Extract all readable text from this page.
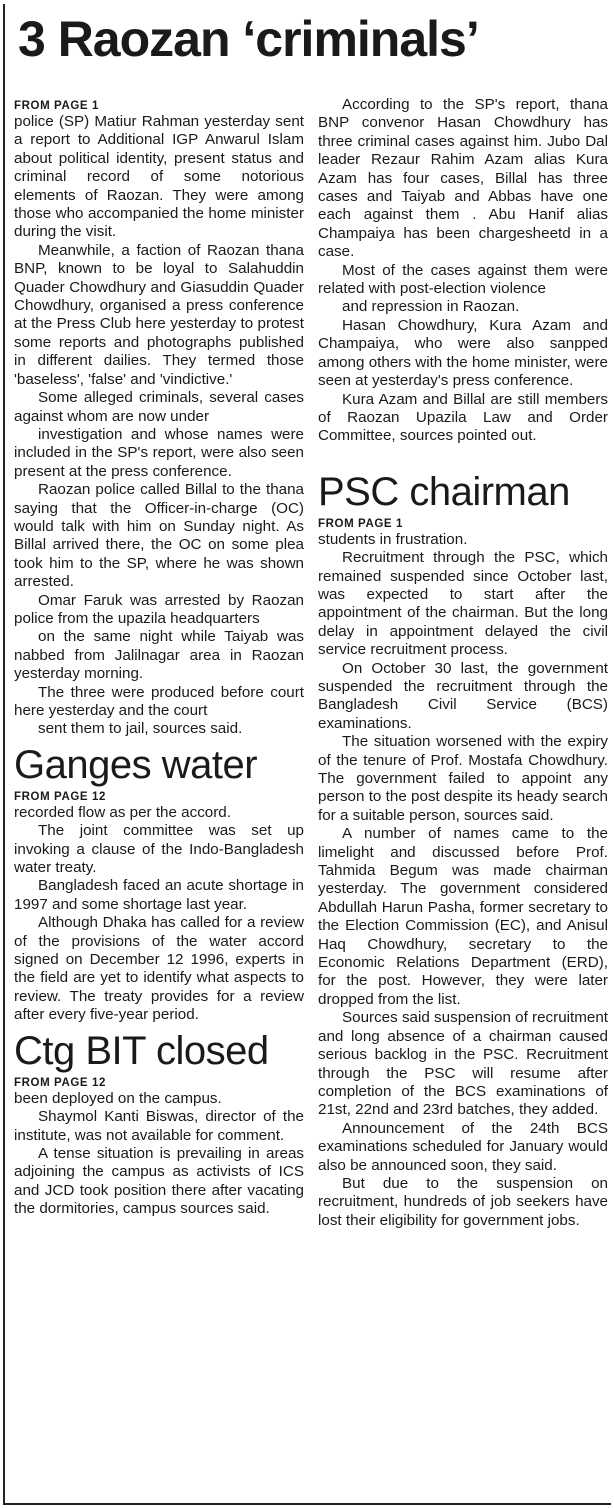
3 Raozan ‘criminals’
FROM PAGE 1

police (SP) Matiur Rahman yesterday sent a report to Additional IGP Anwarul Islam about political identity, present status and criminal record of some notorious elements of Raozan. They were among those who accompanied the home minister during the visit.

Meanwhile, a faction of Raozan thana BNP, known to be loyal to Salahuddin Quader Chowdhury and Giasuddin Quader Chowdhury, organised a press conference at the Press Club here yesterday to protest some reports and photographs published in different dailies. They termed those 'baseless', 'false' and 'vindictive.'

Some alleged criminals, several cases against whom are now under

investigation and whose names were included in the SP's report, were also seen present at the press conference.

Raozan police called Billal to the thana saying that the Officer-in-charge (OC) would talk with him on Sunday night. As Billal arrived there, the OC on some plea took him to the SP, where he was shown arrested.

Omar Faruk was arrested by Raozan police from the upazila headquarters

on the same night while Taiyab was nabbed from Jalilnagar area in Raozan yesterday morning.

The three were produced before court here yesterday and the court

sent them to jail, sources said.

Ganges water
FROM PAGE 12

recorded flow as per the accord.

The joint committee was set up invoking a clause of the Indo-Bangladesh water treaty.

Bangladesh faced an acute shortage in 1997 and some shortage last year.

Although Dhaka has called for a review of the provisions of the water accord signed on December 12 1996, experts in the field are yet to identify what aspects to review. The treaty provides for a review after every five-year period.

Ctg BIT closed
FROM PAGE 12

been deployed on the campus.

Shaymol Kanti Biswas, director of the institute, was not available for comment.

A tense situation is prevailing in areas adjoining the campus as activists of ICS and JCD took position there after vacating the dormitories, campus sources said.

According to the SP's report, thana BNP convenor Hasan Chowdhury has three criminal cases against him. Jubo Dal leader Rezaur Rahim Azam alias Kura Azam has four cases, Billal has three cases and Taiyab and Abbas have one each against them . Abu Hanif alias Champaiya has been chargesheetd in a case.

Most of the cases against them were related with post-election violence

and repression in Raozan.

Hasan Chowdhury, Kura Azam and Champaiya, who were also sanpped among others with the home minister, were seen at yesterday's press conference.

Kura Azam and Billal are still members of Raozan Upazila Law and Order Committee, sources pointed out.

PSC chairman
FROM PAGE 1

students in frustration.

Recruitment through the PSC, which remained suspended since October last, was expected to start after the appointment of the chairman. But the long delay in appointment delayed the civil service recruitment process.

On October 30 last, the government suspended the recruitment through the Bangladesh Civil Service (BCS) examinations.

The situation worsened with the expiry of the tenure of Prof. Mostafa Chowdhury. The government failed to appoint any person to the post despite its heady search for a suitable person, sources said.

A number of names came to the limelight and discussed before Prof. Tahmida Begum was made chairman yesterday. The government considered Abdullah Harun Pasha, former secretary to the Election Commission (EC), and Anisul Haq Chowdhury, secretary to the Economic Relations Department (ERD), for the post. However, they were later dropped from the list.

Sources said suspension of recruitment and long absence of a chairman caused serious backlog in the PSC. Recruitment through the PSC will resume after completion of the BCS examinations of 21st, 22nd and 23rd batches, they added.

Announcement of the 24th BCS examinations scheduled for January would also be announced soon, they said.

But due to the suspension on recruitment, hundreds of job seekers have lost their eligibility for government jobs.
